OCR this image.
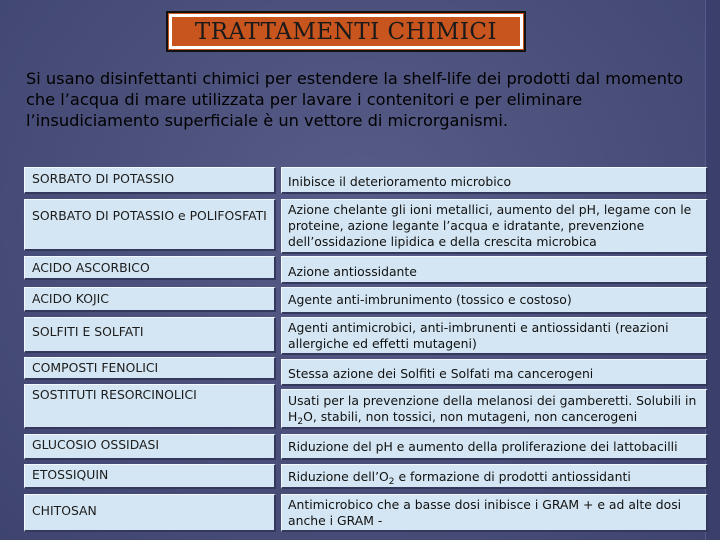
TRATTAMENTI CHIMICI
Si usano disinfettanti chimici per estendere la shelf-life dei prodotti dal momento che l’acqua di mare utilizzata per lavare i contenitori e per eliminare l’insudiciamento superficiale è un vettore di microrganismi.
SORBATO DI POTASSIO	Inibisce il deterioramento microbico
SORBATO DI POTASSIO e POLIFOSFATI	Azione chelante gli ioni metallici, aumento del pH, legame con le proteine, azione legante l’acqua e idratante, prevenzione dell’ossidazione lipidica e della crescita microbica
ACIDO ASCORBICO	Azione antiossidante
ACIDO KOJIC	Agente anti-imbrunimento (tossico e costoso)
SOLFITI E SOLFATI	Agenti antimicrobici, anti-imbrunenti e antiossidanti (reazioni allergiche ed effetti mutageni)
COMPOSTI FENOLICI	Stessa azione dei Solfiti e Solfati ma cancerogeni
SOSTITUTI RESORCINOLICI	Usati per la prevenzione della melanosi dei gamberetti. Solubili in $H_2O$, stabili, non tossici, non mutageni, non cancerogeni
GLUCOSIO OSSIDASI	Riduzione del pH e aumento della proliferazione dei lattobacilli
ETOSSIQUIN	Riduzione $dell’O_2$ e formazione di prodotti antiossidanti
CHITOSAN	Antimicrobico che a basse dosi inibisce i GRAM + e ad alte dosi anche i GRAM -
